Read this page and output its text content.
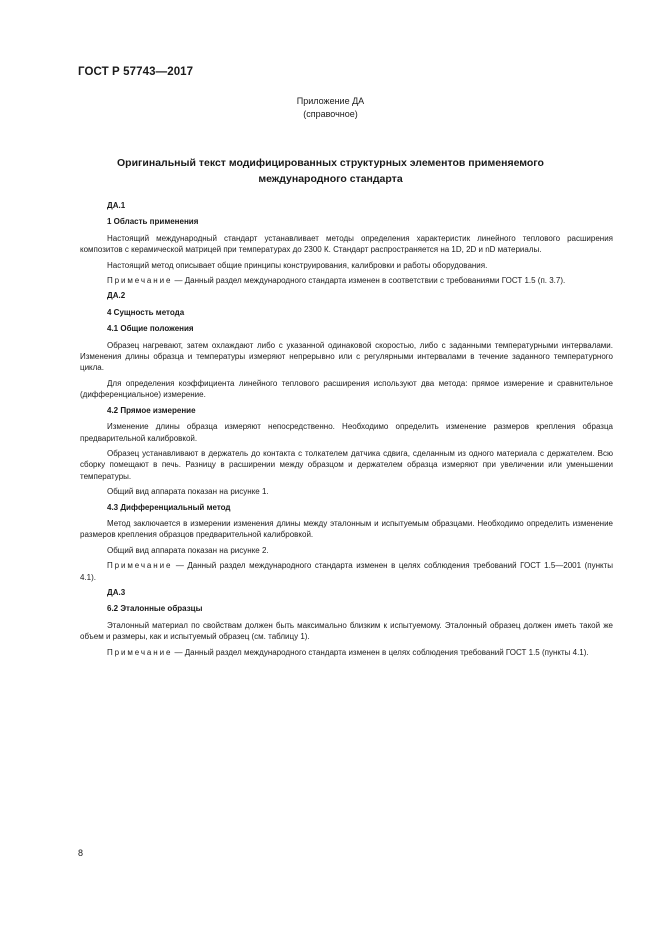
ГОСТ Р 57743—2017
Приложение ДА
(справочное)
Оригинальный текст модифицированных структурных элементов применяемого
международного стандарта
ДА.1
1 Область применения
Настоящий международный стандарт устанавливает методы определения характеристик линейного теплового расширения композитов с керамической матрицей при температурах до 2300 К. Стандарт распространяется на 1D, 2D и nD материалы.
Настоящий метод описывает общие принципы конструирования, калибровки и работы оборудования.
Примечание — Данный раздел международного стандарта изменен в соответствии с требованиями ГОСТ 1.5 (п. 3.7).
ДА.2
4 Сущность метода
4.1 Общие положения
Образец нагревают, затем охлаждают либо с указанной одинаковой скоростью, либо с заданными температурными интервалами. Изменения длины образца и температуры измеряют непрерывно или с регулярными интервалами в течение заданного температурного цикла.
Для определения коэффициента линейного теплового расширения используют два метода: прямое измерение и сравнительное (дифференциальное) измерение.
4.2 Прямое измерение
Изменение длины образца измеряют непосредственно. Необходимо определить изменение размеров крепления образца предварительной калибровкой.
Образец устанавливают в держатель до контакта с толкателем датчика сдвига, сделанным из одного материала с держателем. Всю сборку помещают в печь. Разницу в расширении между образцом и держателем образца измеряют при увеличении или уменьшении температуры.
Общий вид аппарата показан на рисунке 1.
4.3 Дифференциальный метод
Метод заключается в измерении изменения длины между эталонным и испытуемым образцами. Необходимо определить изменение размеров крепления образцов предварительной калибровкой.
Общий вид аппарата показан на рисунке 2.
Примечание — Данный раздел международного стандарта изменен в целях соблюдения требований ГОСТ 1.5—2001 (пункты 4.1).
ДА.3
6.2 Эталонные образцы
Эталонный материал по свойствам должен быть максимально близким к испытуемому. Эталонный образец должен иметь такой же объем и размеры, как и испытуемый образец (см. таблицу 1).
Примечание — Данный раздел международного стандарта изменен в целях соблюдения требований ГОСТ 1.5 (пункты 4.1).
8
